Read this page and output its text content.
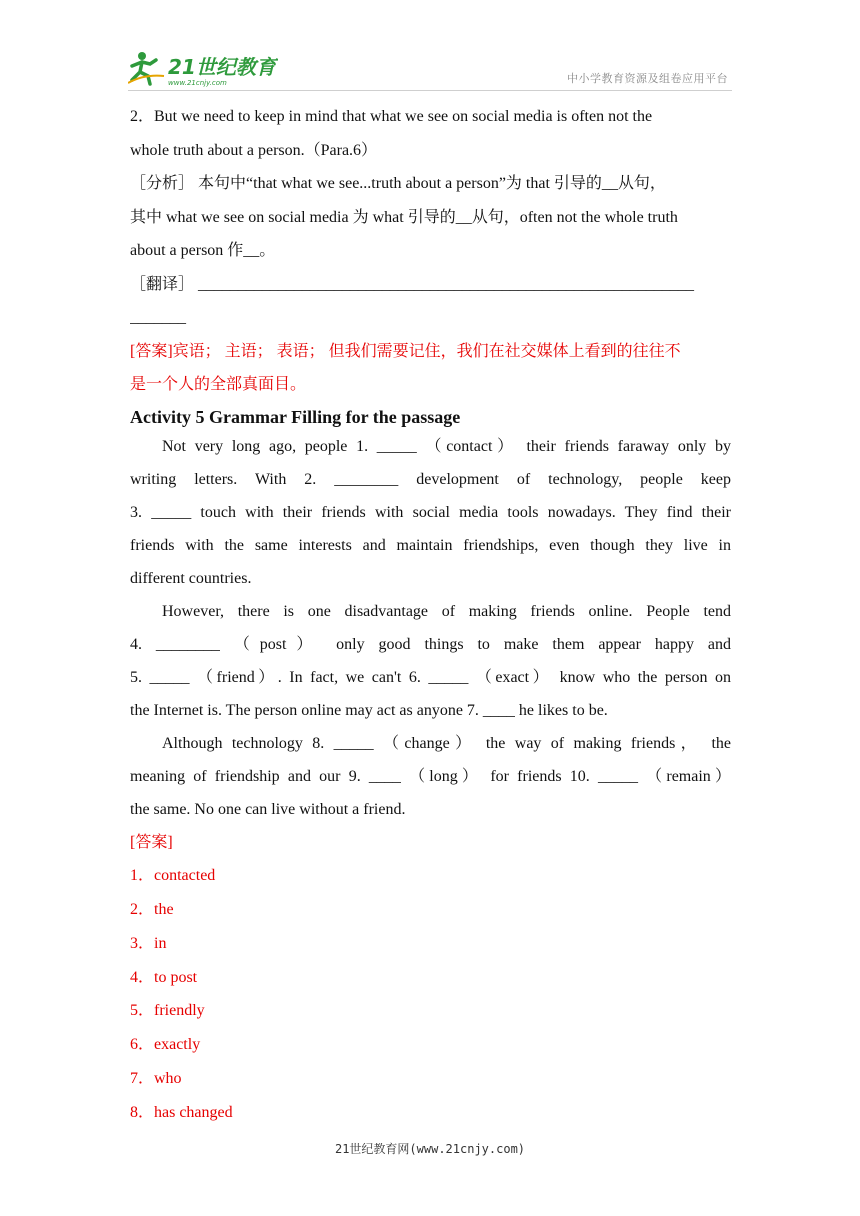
21世纪教育
www.21cnjy.com	中小学教育资源及组卷应用平台
2．But we need to keep in mind that what we see on social media is often not the
whole truth about a person.（Para.6）
［分析］ 本句中“that what we see...truth about a person”为 that 引导的__从句，
其中 what we see on social media 为 what 引导的__从句，often not the whole truth
about a person 作__。
［翻译］ ______________________________________________________________
_______
[答案]宾语； 主语； 表语； 但我们需要记住，我们在社交媒体上看到的往往不
是一个人的全部真面目。
Activity 5 Grammar Filling for the passage
Not very long ago, people 1. _____ （contact） their friends faraway only by
writing letters. With 2. ________ development of technology, people keep
3. _____ touch with their friends with social media tools nowadays. They find their
friends with the same interests and maintain friendships, even though they live in
different countries.
However, there is one disadvantage of making friends online. People tend
4. ________ （post） only good things to make them appear happy and
5. _____ （friend）. In fact, we can't 6. _____ （exact） know who the person on
the Internet is. The person online may act as anyone 7. ____ he likes to be.
Although technology 8. _____ （change） the way of making friends， the
meaning of friendship and our 9. ____ （long） for friends 10. _____ （remain）
the same. No one can live without a friend.
[答案]
1．contacted
2．the
3．in
4．to post
5．friendly
6．exactly
7．who
8．has changed
21世纪教育网(www.21cnjy.com)
